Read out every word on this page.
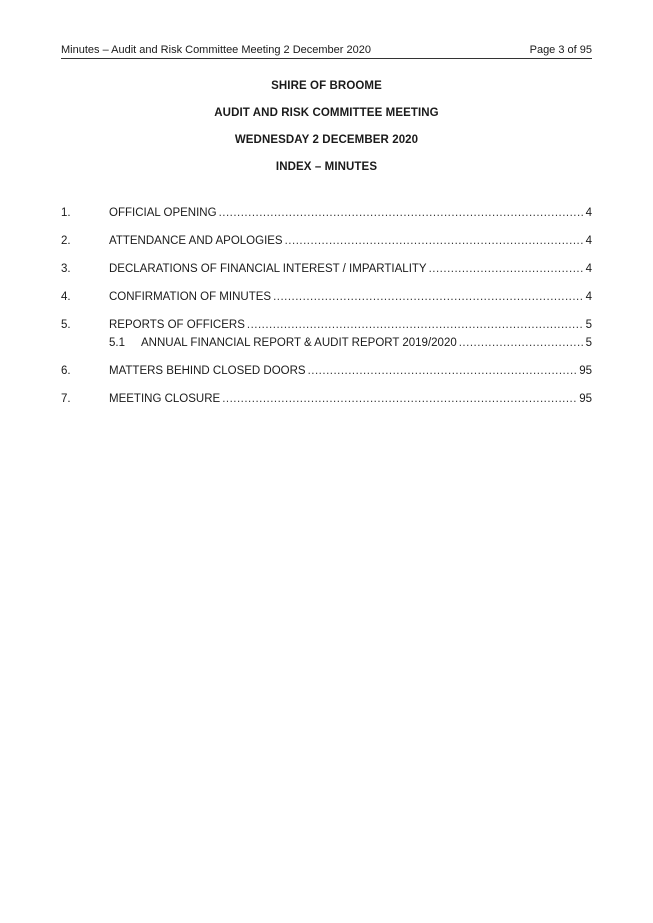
Minutes – Audit and Risk Committee Meeting 2 December 2020	Page 3 of 95
SHIRE OF BROOME
AUDIT AND RISK COMMITTEE MEETING
WEDNESDAY 2 DECEMBER 2020
INDEX – MINUTES
1.	OFFICIAL OPENING .....	4
2.	ATTENDANCE AND APOLOGIES .....	4
3.	DECLARATIONS OF FINANCIAL INTEREST / IMPARTIALITY .....	4
4.	CONFIRMATION OF MINUTES .....	4
5.	REPORTS OF OFFICERS .....	5
5.1	ANNUAL FINANCIAL REPORT & AUDIT REPORT 2019/2020 .....	5
6.	MATTERS BEHIND CLOSED DOORS .....	95
7.	MEETING CLOSURE .....	95
